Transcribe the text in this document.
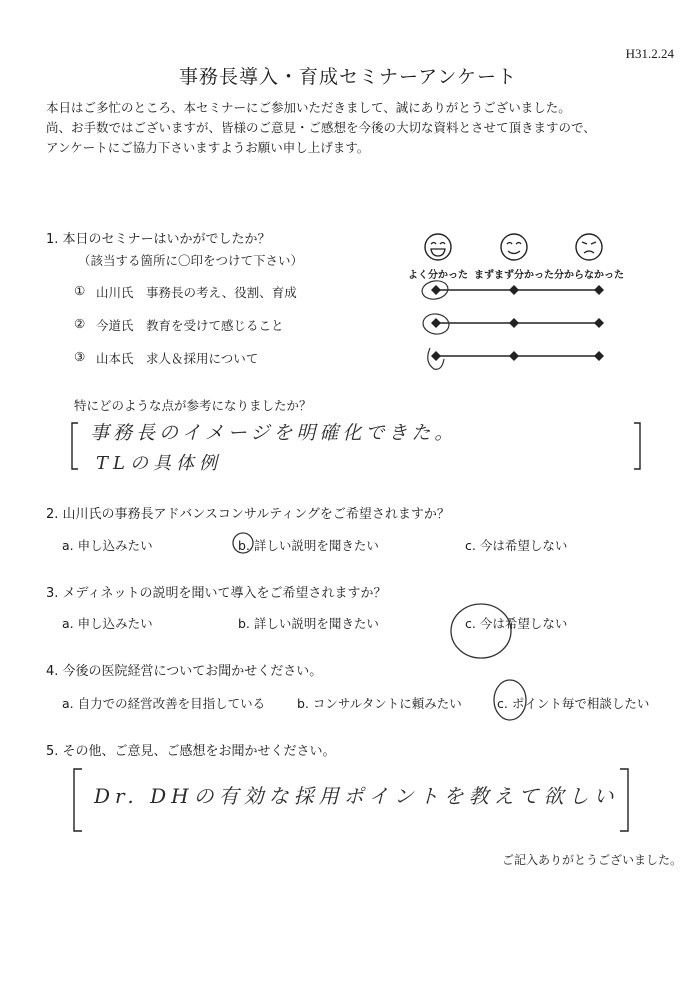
H31.2.24
事務長導入・育成セミナーアンケート
本日はご多忙のところ、本セミナーにご参加いただきまして、誠にありがとうございました。
尚、お手数ではございますが、皆様のご意見・ご感想を今後の大切な資料とさせて頂きますので、
アンケートにご協力下さいますようお願い申し上げます。
1. 本日のセミナーはいかがでしたか？
（該当する箇所に〇印をつけて下さい）
よく分かった まずまず分かった 分からなかった
① 山川氏　事務長の考え、役割、育成
② 今道氏　教育を受けて感じること
③ 山本氏　求人＆採用について
特にどのような点が参考になりましたか？
事務長のイメージを明確化できた。
TLの具体例
2. 山川氏の事務長アドバンスコンサルティングをご希望されますか？
a. 申し込みたい	b. 詳しい説明を聞きたい	c. 今は希望しない
3. メディネットの説明を聞いて導入をご希望されますか？
a. 申し込みたい	b. 詳しい説明を聞きたい	c. 今は希望しない
4. 今後の医院経営についてお聞かせください。
a. 自力での経営改善を目指している	b. コンサルタントに頼みたい	c. ポイント毎で相談したい
5. その他、ご意見、ご感想をお聞かせください。
Dr. DHの有効な採用ポイントを教えて欲しい
ご記入ありがとうございました。
